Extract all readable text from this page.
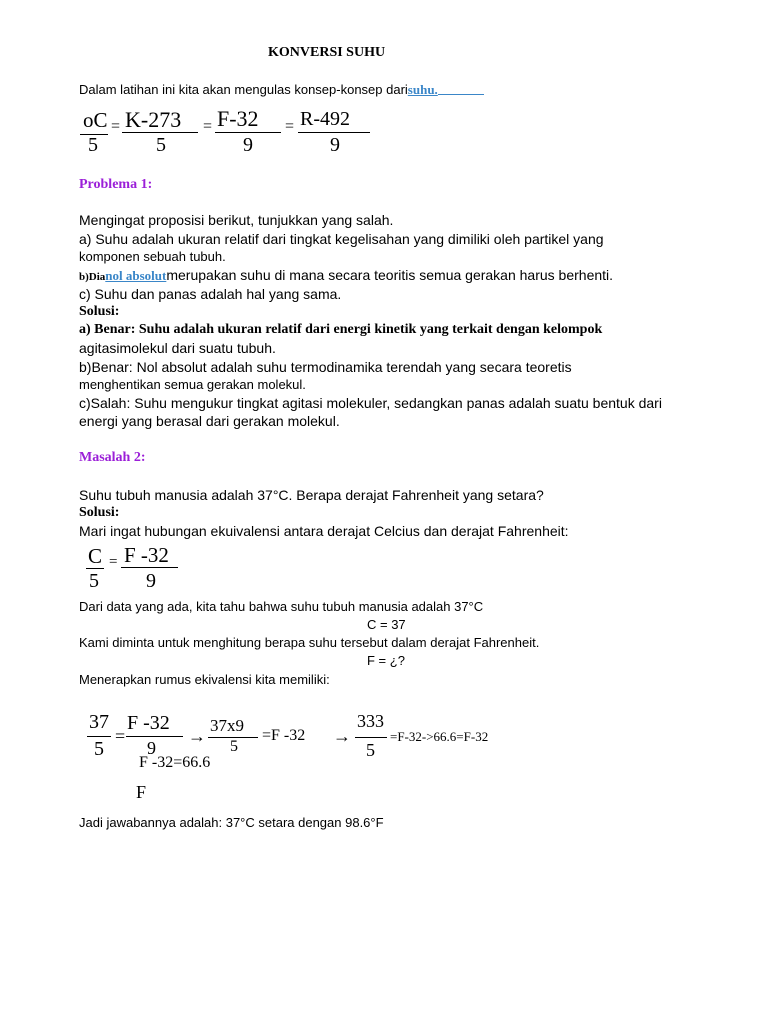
KONVERSI SUHU
Dalam latihan ini kita akan mengulas konsep-konsep darisuhu.
oC
5
= K-273
5
= F-32
9
= R-492
9
Problema 1:
Mengingat proposisi berikut, tunjukkan yang salah.
a) Suhu adalah ukuran relatif dari tingkat kegelisahan yang dimiliki oleh partikel yang
komponen sebuah tubuh.
b)Dianol absolutmerupakan suhu di mana secara teoritis semua gerakan harus berhenti.
c) Suhu dan panas adalah hal yang sama.
Solusi:
a) Benar: Suhu adalah ukuran relatif dari energi kinetik yang terkait dengan kelompok
agitasimolekul dari suatu tubuh.
b)Benar: Nol absolut adalah suhu termodinamika terendah yang secara teoretis
menghentikan semua gerakan molekul.
c)Salah: Suhu mengukur tingkat agitasi molekuler, sedangkan panas adalah suatu bentuk dari
energi yang berasal dari gerakan molekul.
Masalah 2:
Suhu tubuh manusia adalah 37°C. Berapa derajat Fahrenheit yang setara?
Solusi:
Mari ingat hubungan ekuivalensi antara derajat Celcius dan derajat Fahrenheit:
C
5
= F -32
9
Dari data yang ada, kita tahu bahwa suhu tubuh manusia adalah 37°C
C = 37
Kami diminta untuk menghitung berapa suhu tersebut dalam derajat Fahrenheit.
F = ¿?
Menerapkan rumus ekivalensi kita memiliki:
37
5
=
F -32
9
→
37x9
5
=F -32 →
333
5
=F-32->66.6=F-32
F -32=66.6
F
Jadi jawabannya adalah: 37°C setara dengan 98.6°F
